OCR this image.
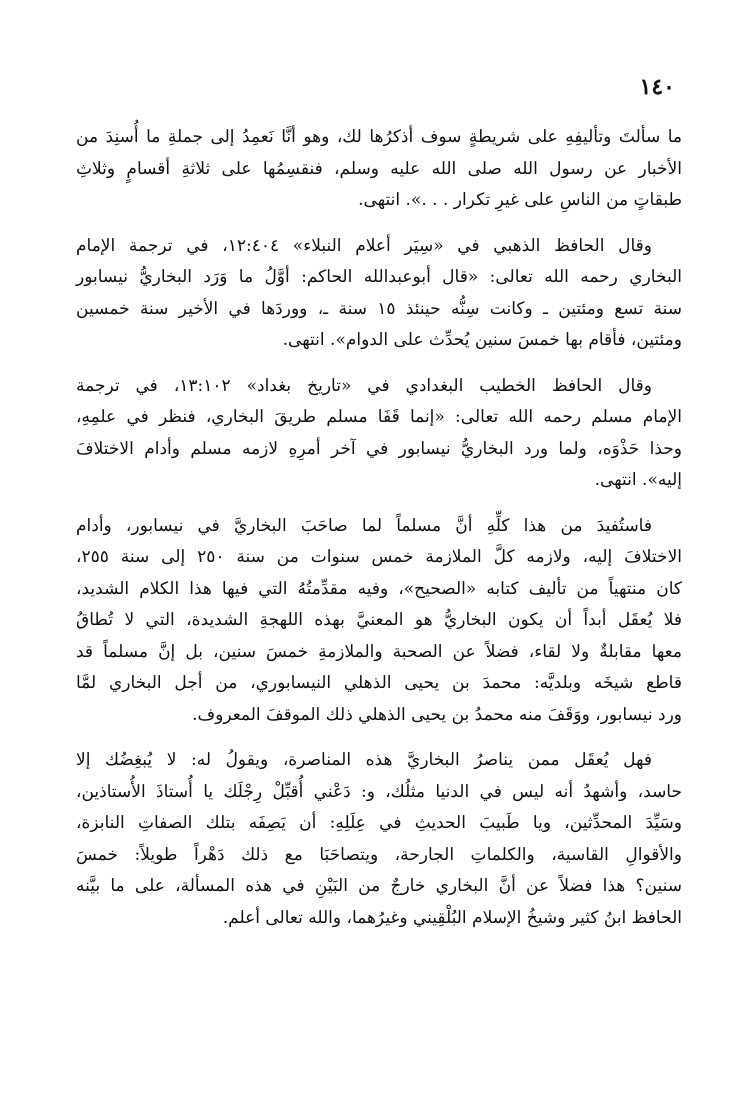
١٤٠

ما سألتَ وتأليفِهِ على شريطةٍ سوف أذكرُها لك، وهو أنَّا نَعمِدُ إلى جملةِ ما أُسنِدَ من
الأخبار عن رسول الله صلى الله عليه وسلم، فنقسِمُها على ثلاثةِ أقسامٍ وثلاثِ
طبقاتٍ من الناسِ على غيرِ تكرار . . .». انتهى.

وقال الحافظ الذهبي في «سِيَر أعلام النبلاء» ١٢:٤٠٤، في ترجمة الإمام
البخاري رحمه الله تعالى: «قال أبوعبدالله الحاكم: أوَّلُ ما وَرَد البخاريُّ نيسابور
سنة تسع ومئتين ـ وكانت سِنُّه حينئذ ١٥ سنة ـ، ووردَها في الأخير سنة خمسين
ومئتين، فأقام بها خمسَ سنين يُحدِّث على الدوام». انتهى.

وقال الحافظ الخطيب البغدادي في «تاريخ بغداد» ١٣:١٠٢، في ترجمة
الإمام مسلم رحمه الله تعالى: «إنما قَفَا مسلم طريقَ البخاري، فنظر في علمِهِ،
وحذا حَذْوَه، ولما ورد البخاريُّ نيسابور في آخر أمرِهِ لازمه مسلم وأدام الاختلافَ
إليه». انتهى.

فاستُفيدَ من هذا كلِّهِ أنَّ مسلماً لما صاحَبَ البخاريَّ في نيسابور، وأدام
الاختلافَ إليه، ولازمه كلَّ الملازمة خمس سنوات من سنة ٢٥٠ إلى سنة ٢٥٥،
كان منتهياً من تأليف كتابه «الصحيح»، وفيه مقدِّمتُهُ التي فيها هذا الكلام الشديد،
فلا يُعقَل أبداً أن يكون البخاريُّ هو المعنيَّ بهذه اللهجةِ الشديدة، التي لا تُطاقُ
معها مقابلةٌ ولا لقاء، فضلاً عن الصحبة والملازمةِ خمسَ سنين، بل إنَّ مسلماً قد
قاطع شيخَه وبلديَّه: محمدَ بن يحيى الذهلي النيسابوري، من أجل البخاري لمَّا
ورد نيسابور، ووَقَفَ منه محمدُ بن يحيى الذهلي ذلك الموقفَ المعروف.

فهل يُعقَل ممن يناصرُ البخاريَّ هذه المناصرة، ويقولُ له: لا يُبغِضُك إلا
حاسد، وأشهدُ أنه ليس في الدنيا مثلُك، و: دَعْني أُقبِّلْ رِجْلَك يا أُستاذَ الأُستاذين،
وسَيِّدَ المحدِّثين، ويا طَبيبَ الحديثِ في عِلَلِهِ: أن يَصِفَه بتلك الصفاتِ النابزة،
والأقوالِ القاسية، والكلماتِ الجارحة، ويتصاحَبَا مع ذلك دَهْراً طويلاً: خمسَ
سنين؟ هذا فضلاً عن أنَّ البخاري خارجٌ من البَيْنِ في هذه المسألة، على ما بيَّنه
الحافظ ابنُ كثير وشيخُ الإسلام البُلْقِيني وغيرُهما، والله تعالى أعلم.
